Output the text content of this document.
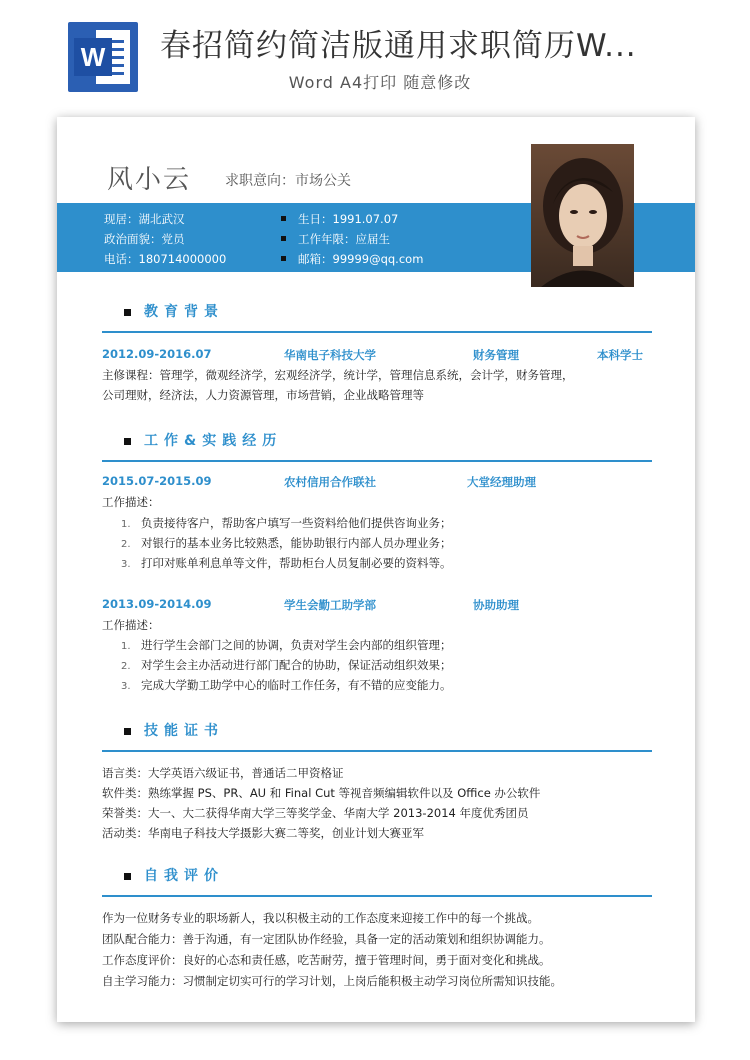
W 春招简约简洁版通用求职简历W...
Word A4打印 随意修改
风小云 求职意向：市场公关
现居：湖北武汉
政治面貌：党员
电话：180714000000
生日：1991.07.07
工作年限：应届生
邮箱：99999@qq.com
教育背景
2012.09-2016.07	华南电子科技大学	财务管理	本科学士
主修课程：管理学，微观经济学，宏观经济学，统计学，管理信息系统，会计学，财务管理，
公司理财，经济法，人力资源管理，市场营销，企业战略管理等
工作&实践经历
2015.07-2015.09	农村信用合作联社	大堂经理助理
工作描述：
1. 负责接待客户，帮助客户填写一些资料给他们提供咨询业务；
2. 对银行的基本业务比较熟悉，能协助银行内部人员办理业务；
3. 打印对账单利息单等文件，帮助柜台人员复制必要的资料等。
2013.09-2014.09	学生会勤工助学部	协助助理
工作描述：
1. 进行学生会部门之间的协调，负责对学生会内部的组织管理；
2. 对学生会主办活动进行部门配合的协助，保证活动组织效果；
3. 完成大学勤工助学中心的临时工作任务，有不错的应变能力。
技能证书
语言类：大学英语六级证书，普通话二甲资格证
软件类：熟练掌握 PS、PR、AU 和 Final Cut 等视音频编辑软件以及 Office 办公软件
荣誉类：大一、大二获得华南大学三等奖学金、华南大学 2013-2014 年度优秀团员
活动类：华南电子科技大学摄影大赛二等奖，创业计划大赛亚军
自我评价
作为一位财务专业的职场新人，我以积极主动的工作态度来迎接工作中的每一个挑战。
团队配合能力：善于沟通，有一定团队协作经验，具备一定的活动策划和组织协调能力。
工作态度评价：良好的心态和责任感，吃苦耐劳，擅于管理时间，勇于面对变化和挑战。
自主学习能力：习惯制定切实可行的学习计划，上岗后能积极主动学习岗位所需知识技能。
